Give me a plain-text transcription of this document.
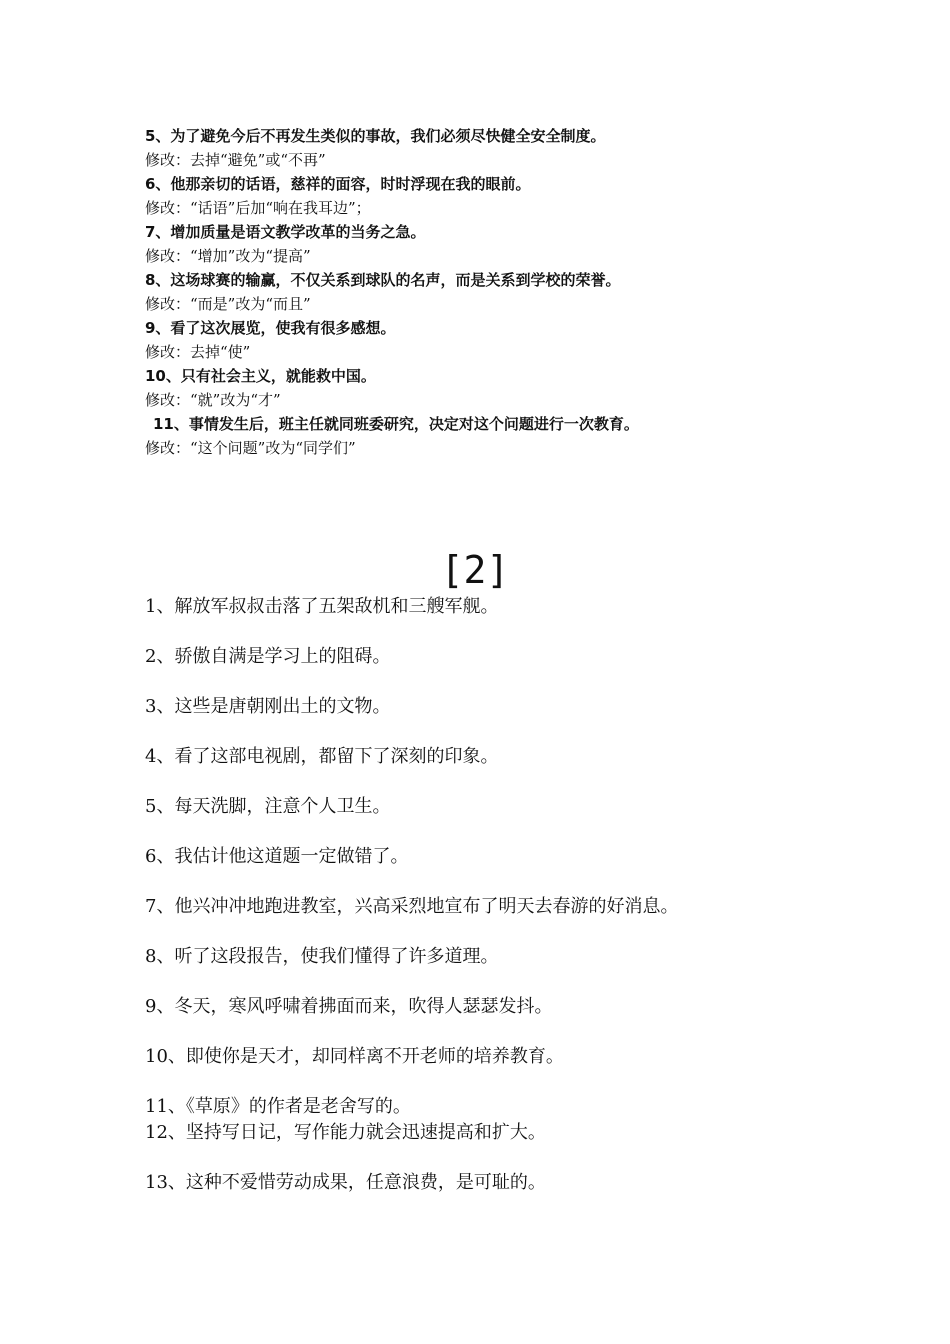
5、为了避免今后不再发生类似的事故，我们必须尽快健全安全制度。
修改：去掉“避免”或“不再”
6、他那亲切的话语，慈祥的面容，时时浮现在我的眼前。
修改：“话语”后加“响在我耳边”；
7、增加质量是语文教学改革的当务之急。
修改：“增加”改为“提高”
8、这场球赛的输赢，不仅关系到球队的名声，而是关系到学校的荣誉。
修改：“而是”改为“而且”
9、看了这次展览，使我有很多感想。
修改：去掉“使”
10、只有社会主义，就能救中国。
修改：“就”改为“才”
11、事情发生后，班主任就同班委研究，决定对这个问题进行一次教育。
修改：“这个问题”改为“同学们”
[2]
1、解放军叔叔击落了五架敌机和三艘军舰。
2、骄傲自满是学习上的阻碍。
3、这些是唐朝刚出土的文物。
4、看了这部电视剧，都留下了深刻的印象。
5、每天洗脚，注意个人卫生。
6、我估计他这道题一定做错了。
7、他兴冲冲地跑进教室，兴高采烈地宣布了明天去春游的好消息。
8、听了这段报告，使我们懂得了许多道理。
9、冬天，寒风呼啸着拂面而来，吹得人瑟瑟发抖。
10、即使你是天才，却同样离不开老师的培养教育。
11、《草原》的作者是老舍写的。
12、坚持写日记，写作能力就会迅速提高和扩大。
13、这种不爱惜劳动成果，任意浪费，是可耻的。
